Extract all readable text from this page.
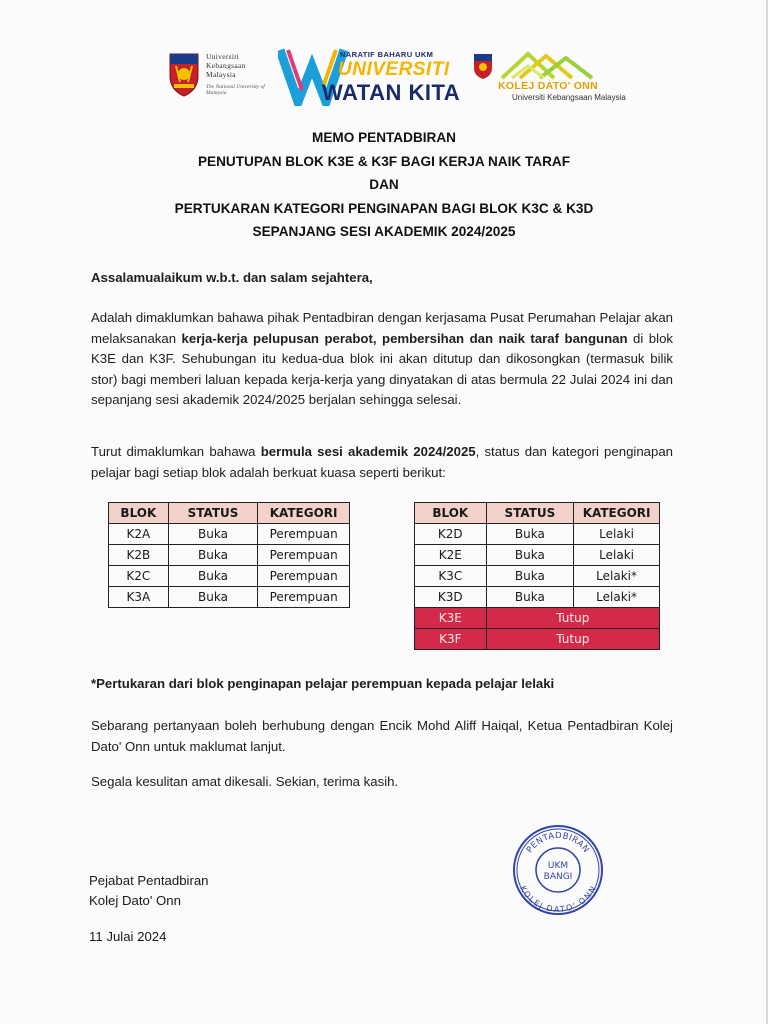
Universiti
Kebangsaan
Malaysia
The National University of Malaysia
NARATIF BAHARU UKM
UNIVERSITI
WATAN KITA	KOLEJ DATO' ONN
Universiti Kebangsaan Malaysia
MEMO PENTADBIRAN
PENUTUPAN BLOK K3E & K3F BAGI KERJA NAIK TARAF
DAN
PERTUKARAN KATEGORI PENGINAPAN BAGI BLOK K3C & K3D
SEPANJANG SESI AKADEMIK 2024/2025
Assalamualaikum w.b.t. dan salam sejahtera,
Adalah dimaklumkan bahawa pihak Pentadbiran dengan kerjasama Pusat Perumahan Pelajar akan melaksanakan kerja-kerja pelupusan perabot, pembersihan dan naik taraf bangunan di blok K3E dan K3F. Sehubungan itu kedua-dua blok ini akan ditutup dan dikosongkan (termasuk bilik stor) bagi memberi laluan kepada kerja-kerja yang dinyatakan di atas bermula 22 Julai 2024 ini dan sepanjang sesi akademik 2024/2025 berjalan sehingga selesai.
Turut dimaklumkan bahawa bermula sesi akademik 2024/2025, status dan kategori penginapan pelajar bagi setiap blok adalah berkuat kuasa seperti berikut:
BLOK	STATUS	KATEGORI
K2A	Buka	Perempuan
K2B	Buka	Perempuan
K2C	Buka	Perempuan
K3A	Buka	Perempuan
BLOK	STATUS	KATEGORI
K2D	Buka	Lelaki
K2E	Buka	Lelaki
K3C	Buka	Lelaki*
K3D	Buka	Lelaki*
K3E	Tutup	
K3F	Tutup	
*Pertukaran dari blok penginapan pelajar perempuan kepada pelajar lelaki
Sebarang pertanyaan boleh berhubung dengan Encik Mohd Aliff Haiqal, Ketua Pentadbiran Kolej Dato' Onn untuk maklumat lanjut.
Segala kesulitan amat dikesali. Sekian, terima kasih.
PENTADBIRAN
KOLEJ DATO' ONN
UKM
BANGI
Pejabat Pentadbiran
Kolej Dato' Onn
11 Julai 2024
